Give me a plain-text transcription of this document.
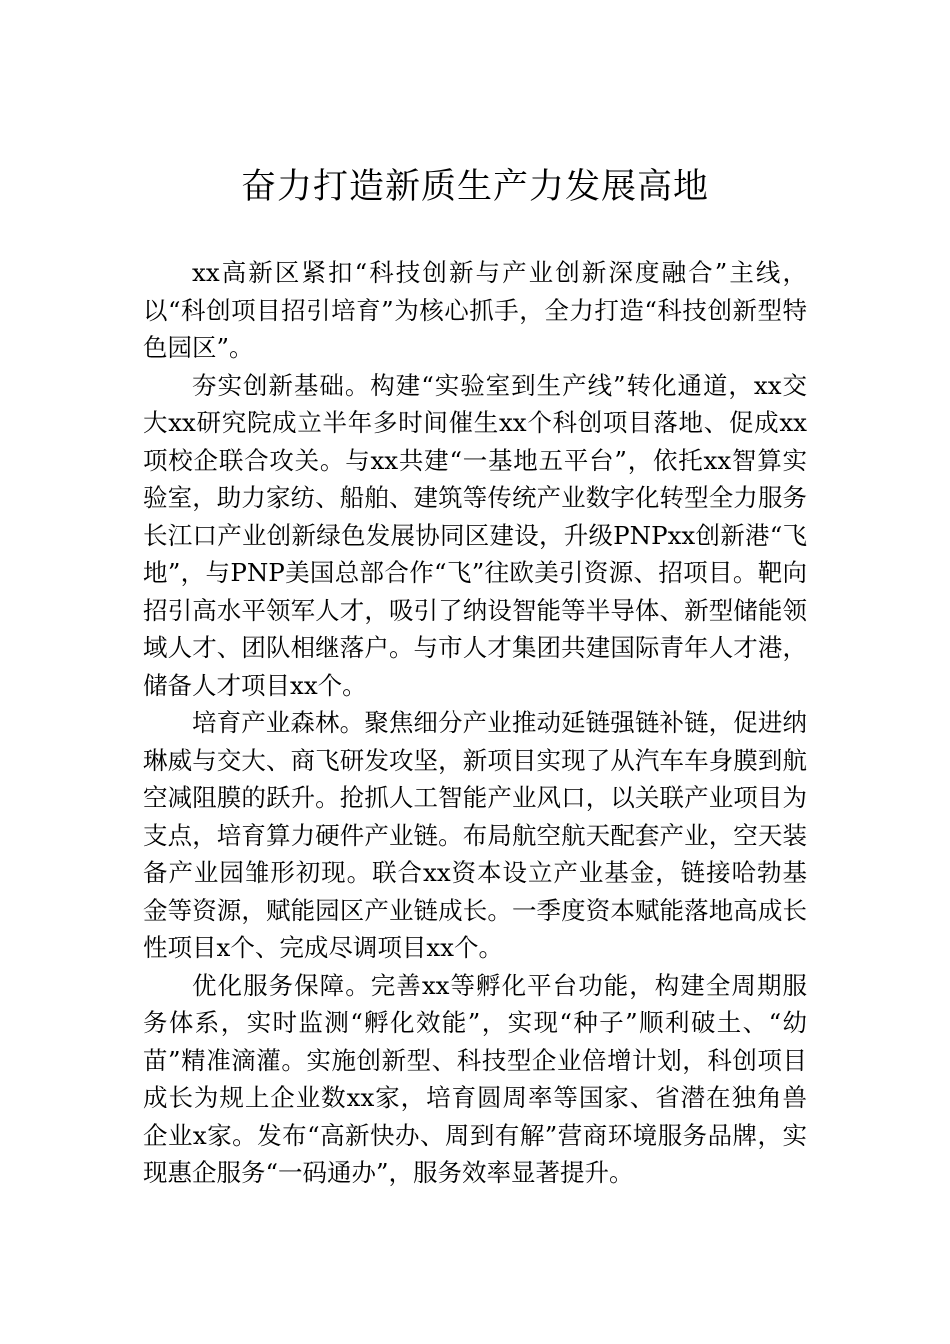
奋力打造新质生产力发展高地

xx高新区紧扣“科技创新与产业创新深度融合”主线，以“科创项目招引培育”为核心抓手，全力打造“科技创新型特色园区”。

夯实创新基础。构建“实验室到生产线”转化通道，xx交大xx研究院成立半年多时间催生xx个科创项目落地、促成xx项校企联合攻关。与xx共建“一基地五平台”，依托xx智算实验室，助力家纺、船舶、建筑等传统产业数字化转型全力服务长江口产业创新绿色发展协同区建设，升级PNPxx创新港“飞地”，与PNP美国总部合作“飞”往欧美引资源、招项目。靶向招引高水平领军人才，吸引了纳设智能等半导体、新型储能领域人才、团队相继落户。与市人才集团共建国际青年人才港，储备人才项目xx个。

培育产业森林。聚焦细分产业推动延链强链补链，促进纳琳威与交大、商飞研发攻坚，新项目实现了从汽车车身膜到航空减阻膜的跃升。抢抓人工智能产业风口，以关联产业项目为支点，培育算力硬件产业链。布局航空航天配套产业，空天装备产业园雏形初现。联合xx资本设立产业基金，链接哈勃基金等资源，赋能园区产业链成长。一季度资本赋能落地高成长性项目x个、完成尽调项目xx个。

优化服务保障。完善xx等孵化平台功能，构建全周期服务体系，实时监测“孵化效能”，实现“种子”顺利破土、“幼苗”精准滴灌。实施创新型、科技型企业倍增计划，科创项目成长为规上企业数xx家，培育圆周率等国家、省潜在独角兽企业x家。发布“高新快办、周到有解”营商环境服务品牌，实现惠企服务“一码通办”，服务效率显著提升。
